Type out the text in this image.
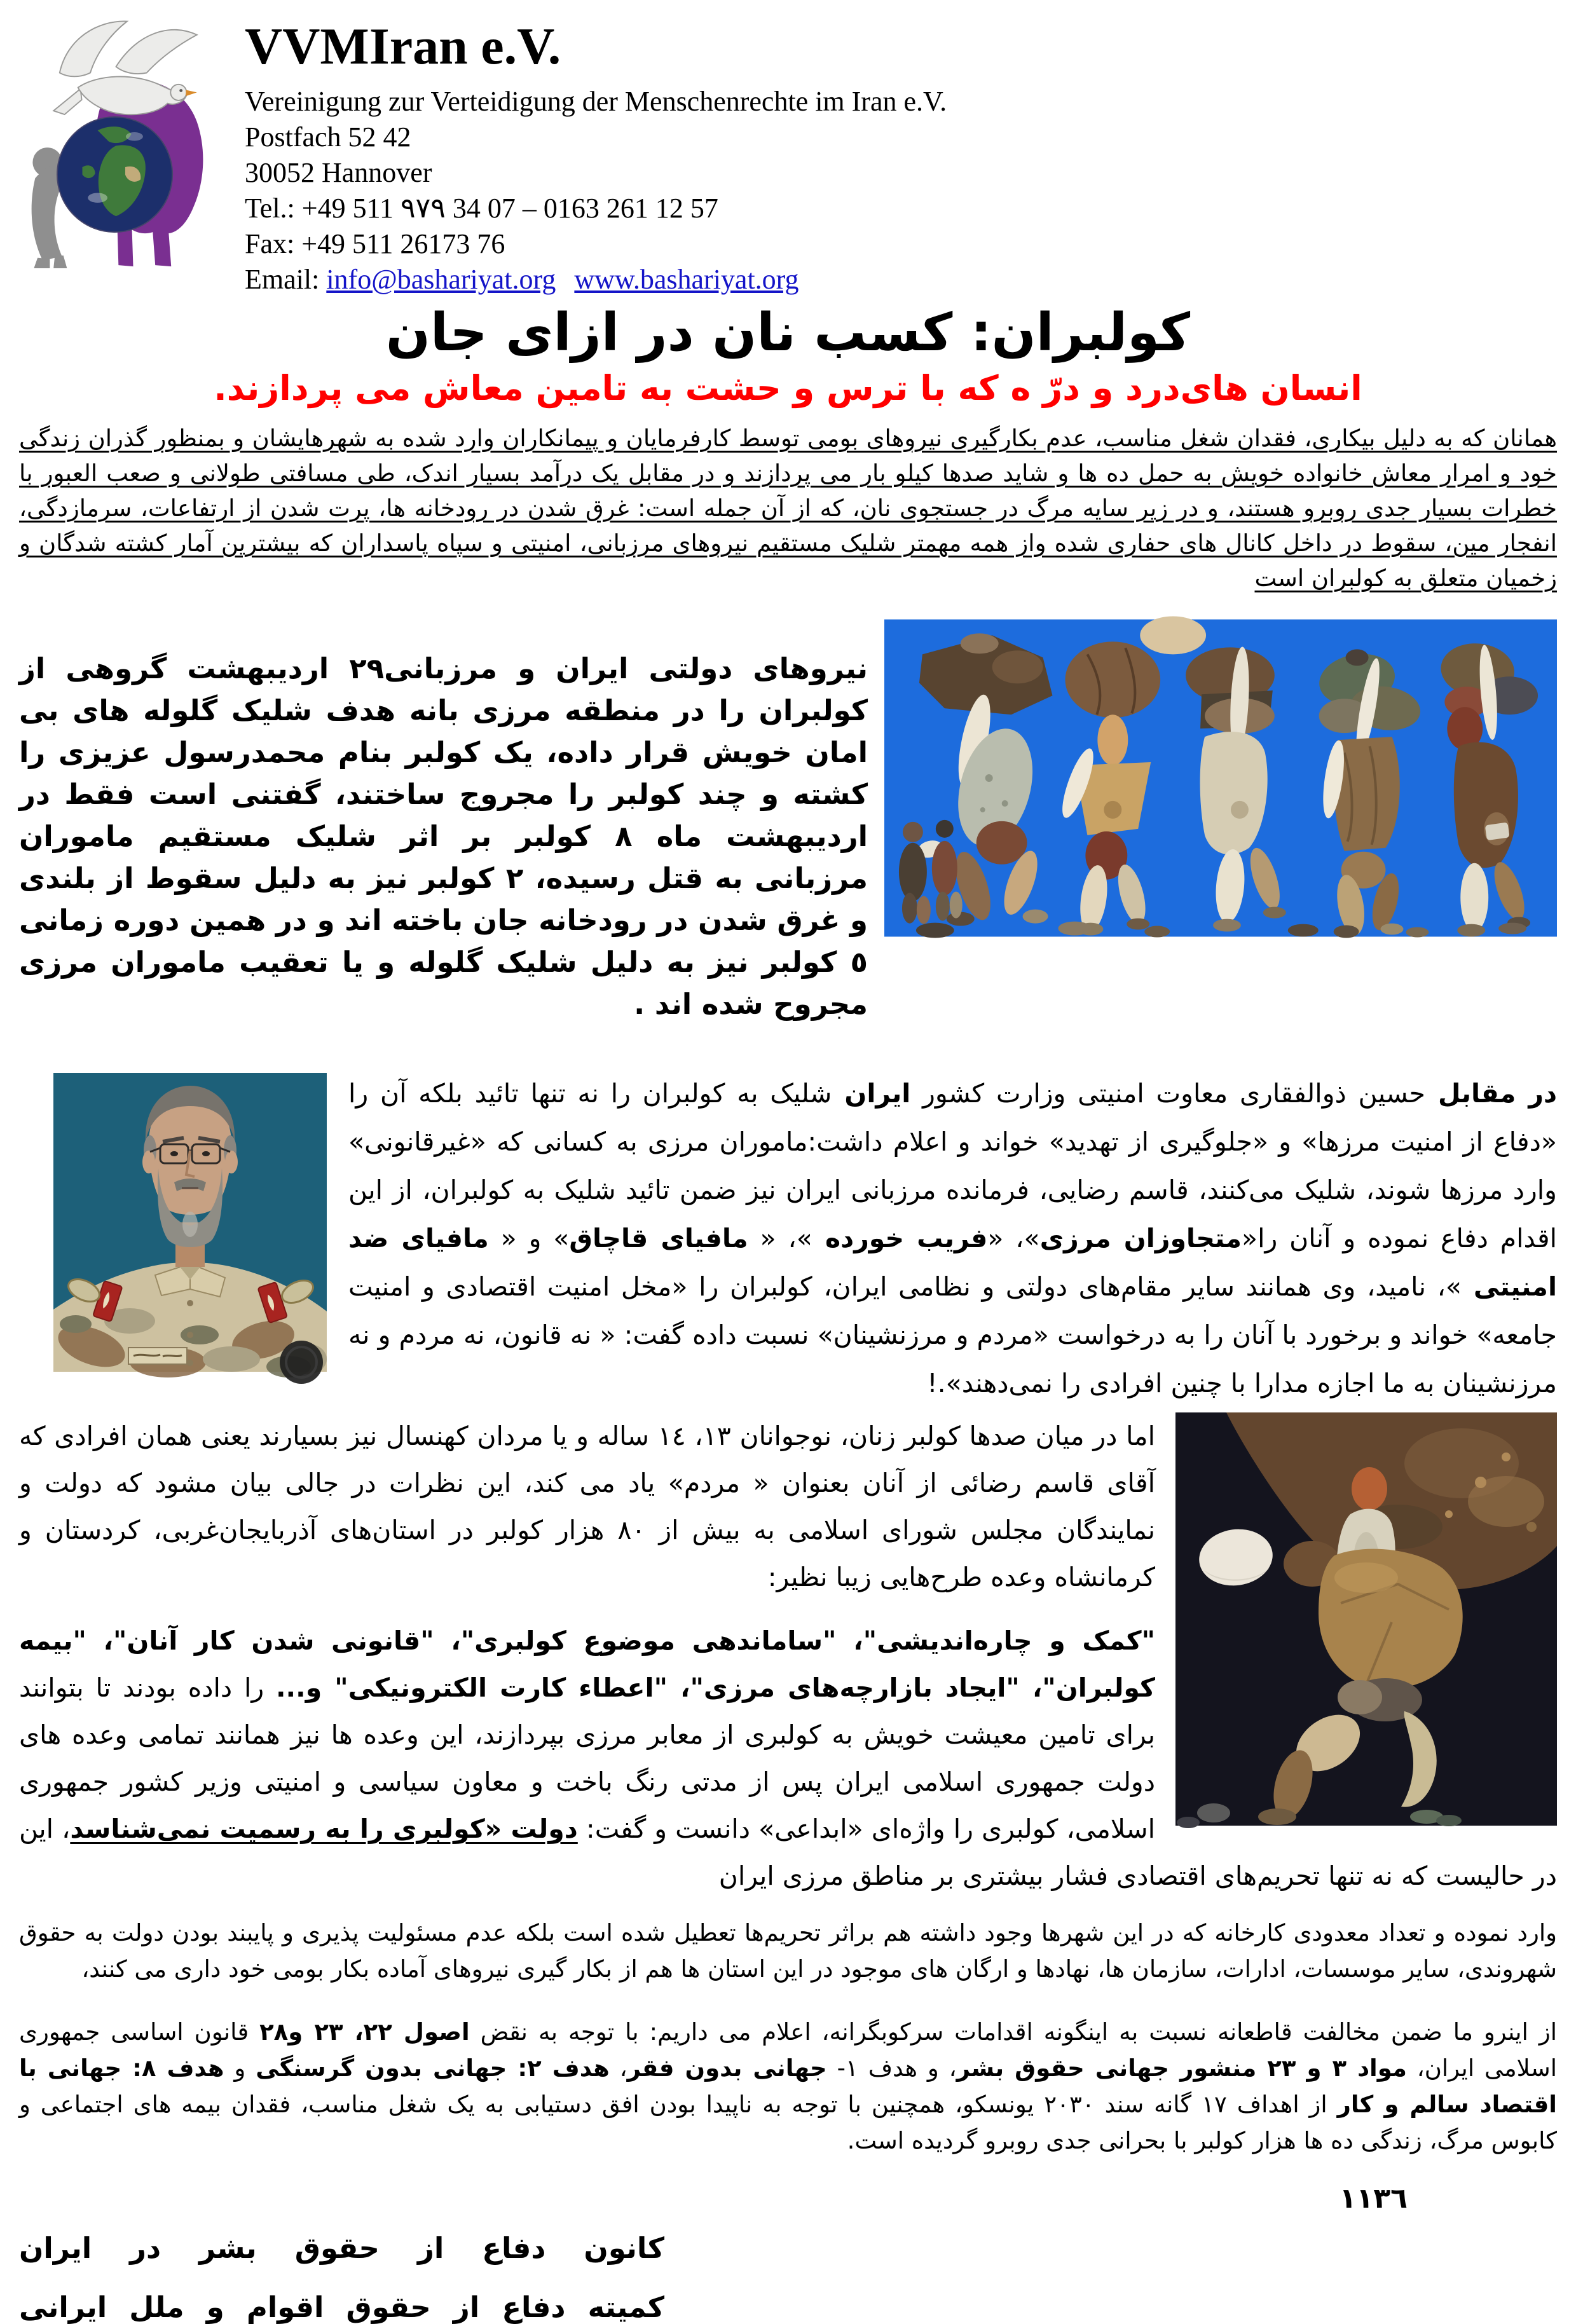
VVMIran e.V.
Vereinigung zur Verteidigung der Menschenrechte im Iran e.V.
Postfach 52 42
30052 Hannover
Tel.: +49 511 ٩٧٩ 34 07 – 0163 261 12 57
Fax: +49 511 26173 76
Email: info@bashariyat.org www.bashariyat.org
کولبران: کسب نان در ازای جان
انسان های‌درد و درّ ه که با ترس و حشت به تامین معاش می پردازند.

همانان که به دلیل بیکاری، فقدان شغل مناسب، عدم بکارگیری نیروهای بومی توسط کارفرمایان و پیمانکاران وارد شده به شهرهایشان و بمنظور گذران زندگی خود و امرار معاش خانواده خویش به حمل ده ها و شاید صدها کیلو بار می پردازند و در مقابل یک درآمد بسیار اندک، طی مسافتی طولانی و صعب العبور با خطرات بسیار جدی روبرو هستند، و در زیر سایه مرگ در جستجوی نان، که از آن جمله است: غرق شدن در رودخانه ها، پرت شدن از ارتفاعات، سرمازدگی، انفجار مین، سقوط در داخل کانال های حفاری شده واز همه مهمتر شلیک مستقیم نیروهای مرزبانی، امنیتی و سپاه پاسداران که بیشترین آمار کشته شدگان و زخمیان متعلق به کولبران است

نیروهای دولتی ایران و مرزبانی٢٩ اردیبهشت گروهی از کولبران را در منطقه مرزی بانه هدف شلیک گلوله های بی امان خویش قرار داده، یک کولبر بنام محمدرسول عزیزی را کشته و چند کولبر را مجروج ساختند، گفتنی است فقط در اردیبهشت ماه ٨ کولبر بر اثر شلیک مستقیم ماموران مرزبانی به قتل رسیده، ٢ کولبر نیز به دلیل سقوط از بلندی و غرق شدن در رودخانه جان باخته اند و در همین دوره زمانی ٥ کولبر نیز به دلیل شلیک گلوله و یا تعقیب ماموران مرزی مجروح شده اند .

در مقابل حسین ذوالفقاری معاوت امنیتی وزارت کشور ایران شلیک به کولبران را نه تنها تائید بلکه آن را «دفاع از امنیت مرزها» و «جلوگیری از تهدید» خواند و اعلام داشت:ماموران مرزی به کسانی که «غیرقانونی» وارد مرزها شوند، شلیک می‌کنند، قاسم رضایی، فرمانده مرزبانی ایران نیز ضمن تائید شلیک به کولبران، از این اقدام دفاع نموده و آنان را«متجاوزان مرزی»، «فریب خورده »، « مافیای قاچاق» و « مافیای ضد امنیتی »، نامید، وی همانند سایر مقام‌های دولتی و نظامی ایران، کولبران را «مخل امنیت اقتصادی و امنیت جامعه» خواند و برخورد با آنان را به درخواست «مردم و مرزنشینان» نسبت داده گفت: « نه قانون، نه مردم و نه مرزنشینان به ما اجازه مدارا با چنین افرادی را نمی‌دهند».!

اما در میان صدها کولبر زنان، نوجوانان ١٣، ١٤ ساله و یا مردان کهنسال نیز بسیارند یعنی همان افرادی که آقای قاسم رضائی از آنان بعنوان « مردم» یاد می کند، این نظرات در جالی بیان مشود که دولت و نمایندگان مجلس شورای اسلامی به بیش از ٨٠ هزار کولبر در استان‌های آذربایجان‌غربی، کردستان و کرمانشاه وعده طرح‌هایی زیبا نظیر:

"کمک و چاره‌اندیشی"، "ساماندهی موضوع کولبری"، "قانونی شدن کار آنان"، "بیمه کولبران"، "ایجاد بازارچه‌های مرزی"، "اعطاء کارت الکترونیکی" و... را داده بودند تا بتوانند برای تامین معیشت خویش به کولبری از معابر مرزی بپردازند، این وعده ها نیز همانند تمامی وعده های دولت جمهوری اسلامی ایران پس از مدتی رنگ باخت و معاون سیاسی و امنیتی وزیر کشور جمهوری اسلامی، کولبری را واژه‌ای «ابداعی» دانست و گفت: دولت «کولبری را به رسمیت نمی‌شناسد، این در حالیست که نه تنها تحریم‌های اقتصادی فشار بیشتری بر مناطق مرزی ایران

وارد نموده و تعداد معدودی کارخانه که در این شهرها وجود داشته هم براثر تحریم‌ها تعطیل شده است بلکه عدم مسئولیت پذیری و پایبند بودن دولت به حقوق شهروندی، سایر موسسات، ادارات، سازمان ها، نهادها و ارگان های موجود در این استان ها هم از بکار گیری نیروهای آماده بکار بومی خود داری می کنند،

از اینرو ما ضمن مخالفت قاطعانه نسبت به اینگونه اقدامات سرکوبگرانه، اعلام می داریم: با توجه به نقض اصول ٢٢، ٢٣ و٢٨ قانون اساسی جمهوری اسلامی ایران، مواد ٣ و ٢٣ منشور جهانی حقوق بشر، و هدف ١- جهانی بدون فقر، هدف ٢: جهانی بدون گرسنگی و هدف ٨: جهانی با اقتصاد سالم و کار از اهداف ١٧ گانه سند ٢٠٣٠ یونسکو، همچنین با توجه به ناپیدا بودن افق دستیابی به یک شغل مناسب، فقدان بیمه های اجتماعی و کابوس مرگ، زندگی ده ها هزار کولبر با بحرانی جدی روبرو گردیده است.

١١٣٦
کانون دفاع از حقوق بشر در ایران
کمیته دفاع از حقوق اقوام و ملل ایرانی
